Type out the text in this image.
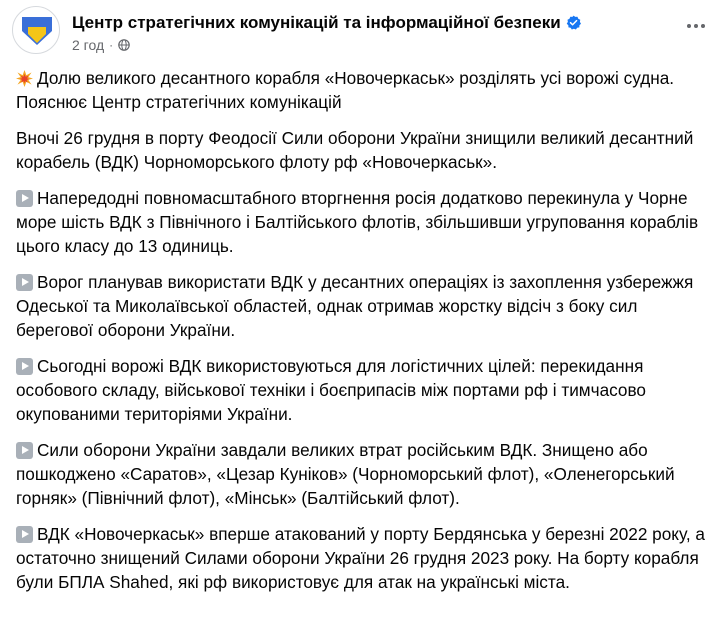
Центр стратегічних комунікацій та інформаційної безпеки
2 год ·

Долю великого десантного корабля «Новочеркаськ» розділять усі ворожі судна. Пояснює Центр стратегічних комунікацій

Вночі 26 грудня в порту Феодосії Сили оборони України знищили великий десантний корабель (ВДК) Чорноморського флоту рф «Новочеркаськ».

Напередодні повномасштабного вторгнення росія додатково перекинула у Чорне море шість ВДК з Північного і Балтійського флотів, збільшивши угруповання кораблів цього класу до 13 одиниць.

Ворог планував використати ВДК у десантних операціях із захоплення узбережжя Одеської та Миколаївської областей, однак отримав жорстку відсіч з боку сил берегової оборони України.

Сьогодні ворожі ВДК використовуються для логістичних цілей: перекидання особового складу, військової техніки і боєприпасів між портами рф і тимчасово окупованими територіями України.

Сили оборони України завдали великих втрат російським ВДК. Знищено або пошкоджено «Саратов», «Цезар Куніков» (Чорноморський флот), «Оленегорський горняк» (Північний флот), «Мінськ» (Балтійський флот).

ВДК «Новочеркаськ» вперше атакований у порту Бердянська у березні 2022 року, а остаточно знищений Силами оборони України 26 грудня 2023 року. На борту корабля були БПЛА Shahed, які рф використовує для атак на українські міста.
